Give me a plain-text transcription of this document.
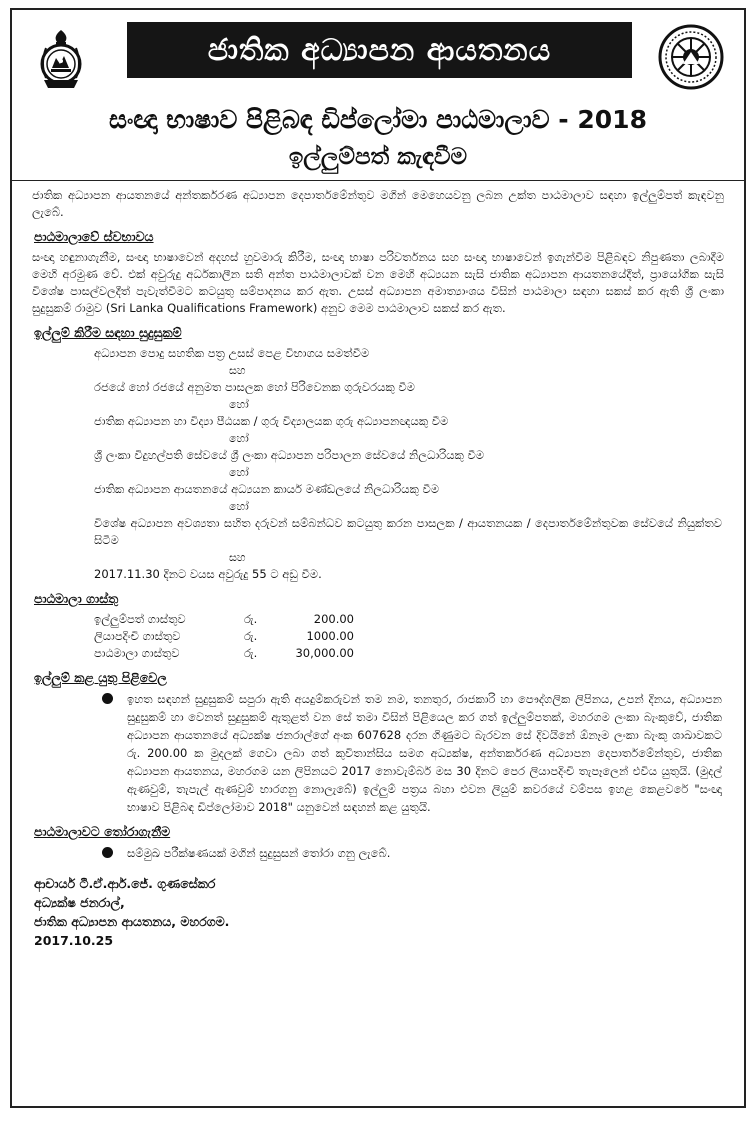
ජාතික අධ්‍යාපන ආයතනය
සංඥා භාෂාව පිළිබඳ ඩිප්ලෝමා පාඨමාලාව - 2018
ඉල්ලුම්පත් කැඳවීම
ජාතික අධ්‍යාපන ආයතනයේ අන්තර්කරණ අධ්‍යාපන දෙපාර්තමේන්තුව මගින් මෙහෙයවනු ලබන උක්ත පාඨමාලාව සඳහා ඉල්ලුම්පත් කැඳවනු ලැබේ.
පාඨමාලාවේ ස්වභාවය
සංඥා හඳුනාගැනීම, සංඥා භාෂාවෙන් අදහස් හුවමාරු කිරීම, සංඥා භාෂා පරිවර්තනය සහ සංඥා භාෂාවෙන් ඉගැන්වීම පිළිබඳව නිපුණතා ලබාදීම මෙහි අරමුණ වේ. එක් අවුරුදු අර්ධකාලීන සති අන්ත පාඨමාලාවක් වන මෙහි අධ්‍යයන සැසි ජාතික අධ්‍යාපන ආයතනයේදීත්, ප්‍රායෝගික සැසි විශේෂ පාසල්වලදීත් පැවැත්වීමට කටයුතු සම්පාදනය කර ඇත. උසස් අධ්‍යාපන අමාත්‍යාංශය විසින් පාඨමාලා සඳහා සකස් කර ඇති ශ්‍රී ලංකා සුදුසුකම් රාමුව (Sri Lanka Qualifications Framework) අනුව මෙම පාඨමාලාව සකස් කර ඇත.
ඉල්ලුම් කිරීම සඳහා සුදුසුකම්
අධ්‍යාපන පොදු සහතික පත්‍ර උසස් පෙළ විභාගය සමත්වීම
සහ
රජයේ හෝ රජයේ අනුමත පාසලක හෝ පිරිවෙනක ගුරුවරයකු වීම
හෝ
ජාතික අධ්‍යාපන හා විද්‍යා පීඨයක / ගුරු විද්‍යාලයක ගුරු අධ්‍යාපනඥයකු වීම
හෝ
ශ්‍රී ලංකා විදුහල්පති සේවයේ ශ්‍රී ලංකා අධ්‍යාපන පරිපාලන සේවයේ නිලධාරියකු වීම
හෝ
ජාතික අධ්‍යාපන ආයතනයේ අධ්‍යයන කාර්ය මණ්ඩලයේ නිලධාරියකු වීම
හෝ
විශේෂ අධ්‍යාපන අවශ්‍යතා සහිත දරුවන් සම්බන්ධව කටයුතු කරන පාසලක / ආයතනයක / දෙපාර්තමේන්තුවක සේවයේ නියුක්තව සිටීම
සහ
2017.11.30 දිනට වයස අවුරුදු 55 ට අඩු වීම.
පාඨමාලා ගාස්තු
ඉල්ලුම්පත් ගාස්තුව	රු.	200.00
ලියාපදිංචි ගාස්තුව	රු.	1000.00
පාඨමාලා ගාස්තුව	රු.	30,000.00
ඉල්ලුම් කළ යුතු පිළිවෙල
ඉහත සඳහන් සුදුසුකම් සපුරා ඇති අයදුම්කරුවන් තම නම, තනතුර, රාජකාරි හා පෞද්ගලික ලිපිනය, උපන් දිනය, අධ්‍යාපන සුදුසුකම් හා වෙනත් සුදුසුකම් ඇතුළත් වන සේ තමා විසින් පිළියෙල කර ගත් ඉල්ලුම්පතක්, මහරගම ලංකා බැංකුවේ, ජාතික අධ්‍යාපන ආයතනයේ අධ්‍යක්ෂ ජනරාල්ගේ අංක 607628 දරන ගිණුමට බැරවන සේ දිවයිනේ ඕනෑම ලංකා බැංකු ශාඛාවකට රු. 200.00 ක මුදලක් ගෙවා ලබා ගත් කුවිතාන්සිය සමග අධ්‍යක්ෂ, අන්තර්කරණ අධ්‍යාපන දෙපාර්තමේන්තුව, ජාතික අධ්‍යාපන ආයතනය, මහරගම යන ලිපිනයට 2017 නොවැම්බර් මස 30 දිනට පෙර ලියාපදිංචි තැපෑලෙන් එවිය යුතුයි. (මුදල් ඇණවුම්, තැපැල් ඇණවුම් භාරගනු නොලැබේ) ඉල්ලුම් පත්‍රය බහා එවන ලියුම් කවරයේ වම්පස ඉහළ කෙළවරේ "සංඥා භාෂාව පිළිබඳ ඩිප්ලෝමාව 2018" යනුවෙන් සඳහන් කළ යුතුයි.
පාඨමාලාවට තෝරාගැනීම
සම්මුඛ පරීක්ෂණයක් මගින් සුදුසුසන් තෝරා ගනු ලැබේ.
ආචාර්ය ටී.ඒ.ආර්.ජේ. ගුණසේකර
අධ්‍යක්ෂ ජනරාල්,
ජාතික අධ්‍යාපන ආයතනය, මහරගම.
2017.10.25
